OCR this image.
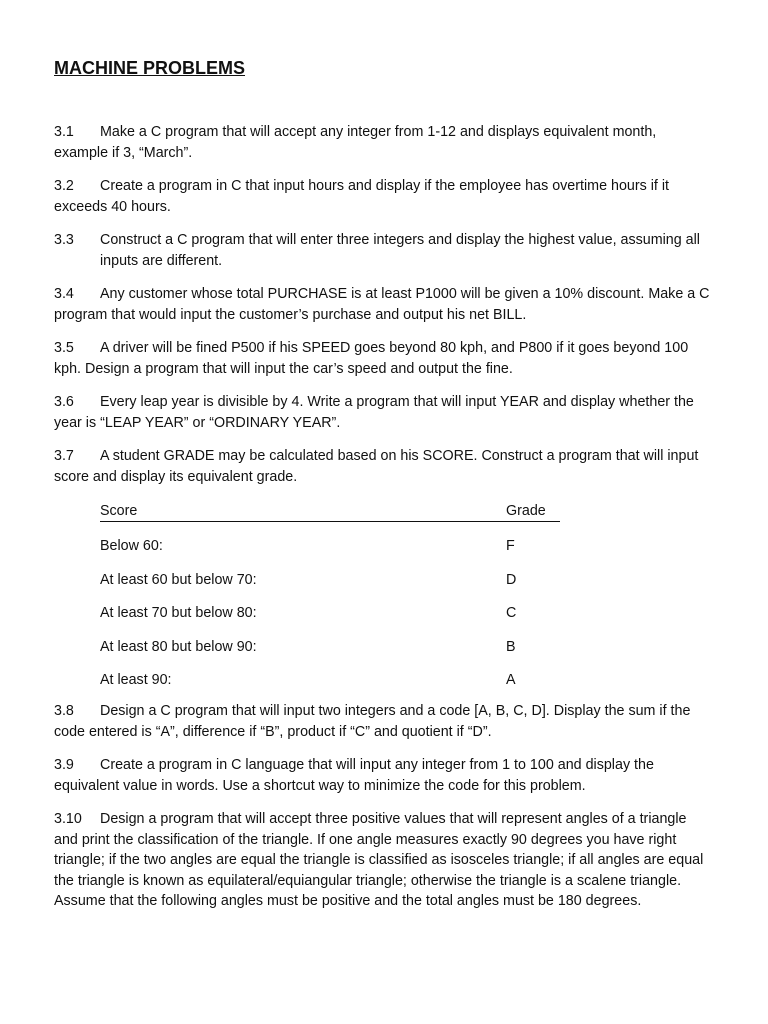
MACHINE PROBLEMS

3.1 Make a C program that will accept any integer from 1-12 and displays equivalent month, example if 3, “March”.

3.2 Create a program in C that input hours and display if the employee has overtime hours if it exceeds 40 hours.

3.3	Construct a C program that will enter three integers and display the highest value, assuming all inputs are different.

3.4 Any customer whose total PURCHASE is at least P1000 will be given a 10% discount. Make a C program that would input the customer’s purchase and output his net BILL.

3.5 A driver will be fined P500 if his SPEED goes beyond 80 kph, and P800 if it goes beyond 100 kph. Design a program that will input the car’s speed and output the fine.

3.6 Every leap year is divisible by 4. Write a program that will input YEAR and display whether the year is “LEAP YEAR” or “ORDINARY YEAR”.

3.7 A student GRADE may be calculated based on his SCORE. Construct a program that will input score and display its equivalent grade.

Score	Grade
Below 60:	F
At least 60 but below 70:	D
At least 70 but below 80:	C
At least 80 but below 90:	B
At least 90:	A

3.8 Design a C program that will input two integers and a code [A, B, C, D]. Display the sum if the code entered is “A”, difference if “B”, product if “C” and quotient if “D”.

3.9 Create a program in C language that will input any integer from 1 to 100 and display the equivalent value in words. Use a shortcut way to minimize the code for this problem.

3.10 Design a program that will accept three positive values that will represent angles of a triangle and print the classification of the triangle. If one angle measures exactly 90 degrees you have right triangle; if the two angles are equal the triangle is classified as isosceles triangle; if all angles are equal the triangle is known as equilateral/equiangular triangle; otherwise the triangle is a scalene triangle. Assume that the following angles must be positive and the total angles must be 180 degrees.
